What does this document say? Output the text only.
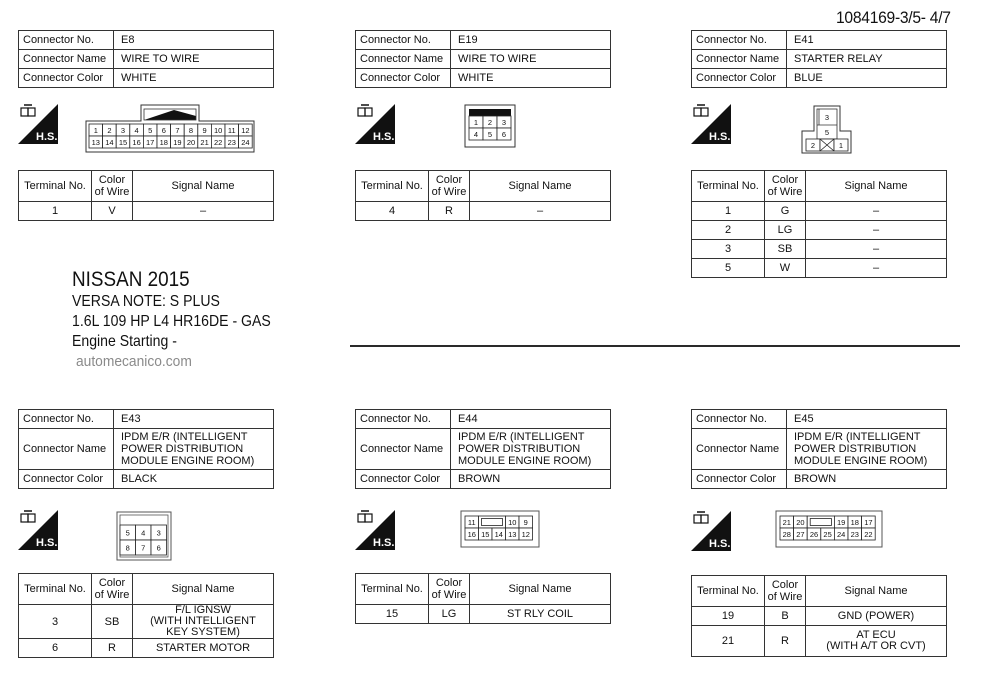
1084169-3/5- 4/7
Connector No.	E8
Connector Name	WIRE TO WIRE
Connector Color	WHITE
H.S.
1 2 3 4 5 6 7 8 9 10 11 12
13 14 15 16 17 18 19 20 21 22 23 24
Terminal No.	Color of Wire	Signal Name
1	V	–
Connector No.	E19
Connector Name	WIRE TO WIRE
Connector Color	WHITE
H.S.
1 2 3
4 5 6
Terminal No.	Color of Wire	Signal Name
4	R	–
Connector No.	E41
Connector Name	STARTER RELAY
Connector Color	BLUE
H.S.
3
5
2	1
Terminal No.	Color of Wire	Signal Name
1	G	–
2	LG	–
3	SB	–
5	W	–
NISSAN 2015
VERSA NOTE: S PLUS
1.6L 109 HP L4 HR16DE - GAS
Engine Starting -
automecanico.com
Connector No.	E43
Connector Name	IPDM E/R (INTELLIGENT
POWER DISTRIBUTION
MODULE ENGINE ROOM)

Connector Color	BLACK
H.S.
5 4 3
8 7 6
Terminal No.	Color of Wire	Signal Name
3	SB	F/L IGNSW
(WITH INTELLIGENT
KEY SYSTEM)

6	R	STARTER MOTOR
Connector No.	E44
Connector Name	IPDM E/R (INTELLIGENT
POWER DISTRIBUTION
MODULE ENGINE ROOM)

Connector Color	BROWN
H.S.
11	10 9
16 15 14 13 12
Terminal No.	Color of Wire	Signal Name
15	LG	ST RLY COIL
Connector No.	E45
Connector Name	IPDM E/R (INTELLIGENT
POWER DISTRIBUTION
MODULE ENGINE ROOM)

Connector Color	BROWN
H.S.
21 20	19 18 17
28 27 26 25 24 23 22
Terminal No.	Color of Wire	Signal Name
19	B	GND (POWER)
21	R	AT ECU
(WITH A/T OR CVT)
